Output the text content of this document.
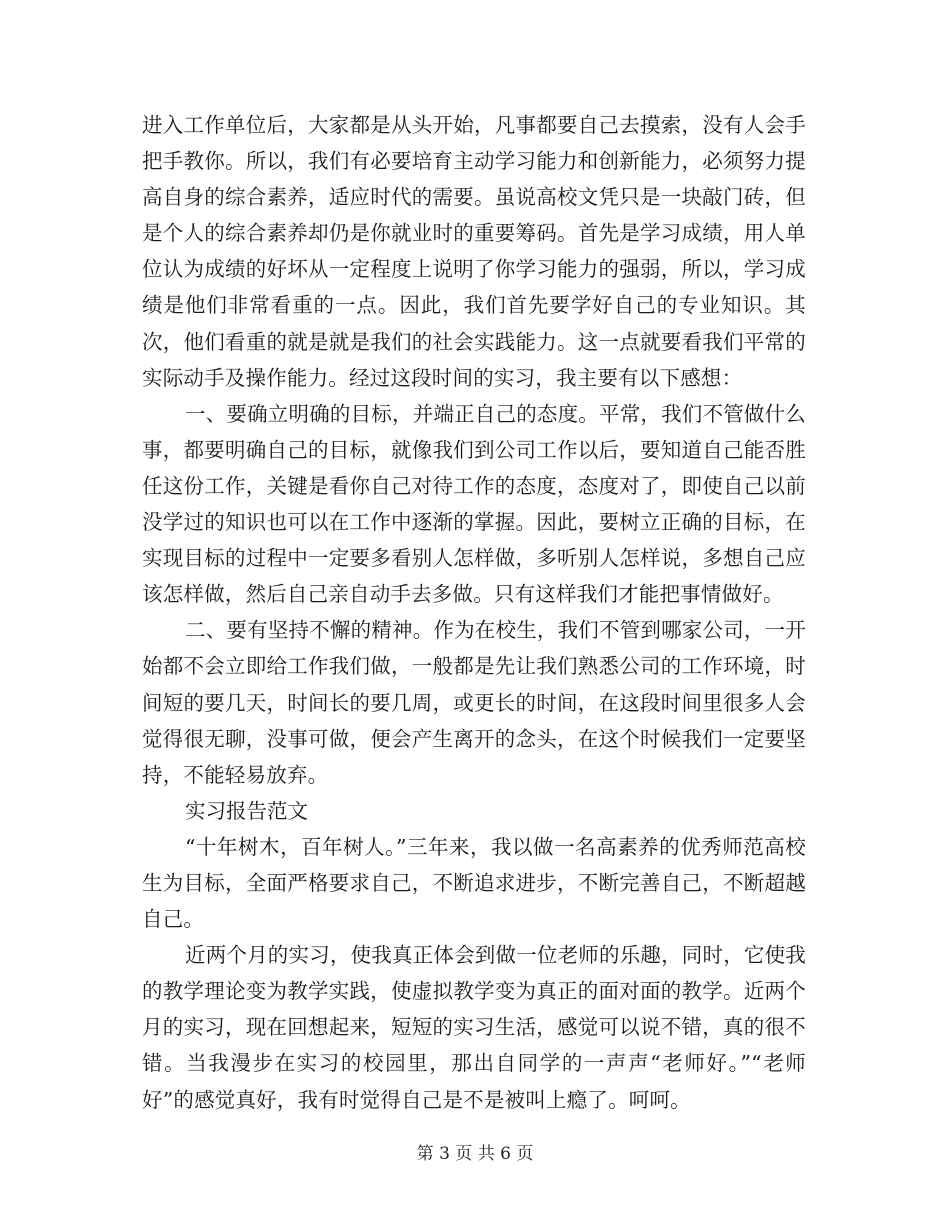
进入工作单位后，大家都是从头开始，凡事都要自己去摸索，没有人会手把手教你。所以，我们有必要培育主动学习能力和创新能力，必须努力提高自身的综合素养，适应时代的需要。虽说高校文凭只是一块敲门砖，但是个人的综合素养却仍是你就业时的重要筹码。首先是学习成绩，用人单位认为成绩的好坏从一定程度上说明了你学习能力的强弱，所以，学习成绩是他们非常看重的一点。因此，我们首先要学好自己的专业知识。其次，他们看重的就是就是我们的社会实践能力。这一点就要看我们平常的实际动手及操作能力。经过这段时间的实习，我主要有以下感想：

一、要确立明确的目标，并端正自己的态度。平常，我们不管做什么事，都要明确自己的目标，就像我们到公司工作以后，要知道自己能否胜任这份工作，关键是看你自己对待工作的态度，态度对了，即使自己以前没学过的知识也可以在工作中逐渐的掌握。因此，要树立正确的目标，在实现目标的过程中一定要多看别人怎样做，多听别人怎样说，多想自己应该怎样做，然后自己亲自动手去多做。只有这样我们才能把事情做好。

二、要有坚持不懈的精神。作为在校生，我们不管到哪家公司，一开始都不会立即给工作我们做，一般都是先让我们熟悉公司的工作环境，时间短的要几天，时间长的要几周，或更长的时间，在这段时间里很多人会觉得很无聊，没事可做，便会产生离开的念头，在这个时候我们一定要坚持，不能轻易放弃。

实习报告范文

“十年树木，百年树人。”三年来，我以做一名高素养的优秀师范高校生为目标，全面严格要求自己，不断追求进步，不断完善自己，不断超越自己。

近两个月的实习，使我真正体会到做一位老师的乐趣，同时，它使我的教学理论变为教学实践，使虚拟教学变为真正的面对面的教学。近两个月的实习，现在回想起来，短短的实习生活，感觉可以说不错，真的很不错。当我漫步在实习的校园里，那出自同学的一声声“老师好。”“老师好”的感觉真好，我有时觉得自己是不是被叫上瘾了。呵呵。

第 3 页 共 6 页
